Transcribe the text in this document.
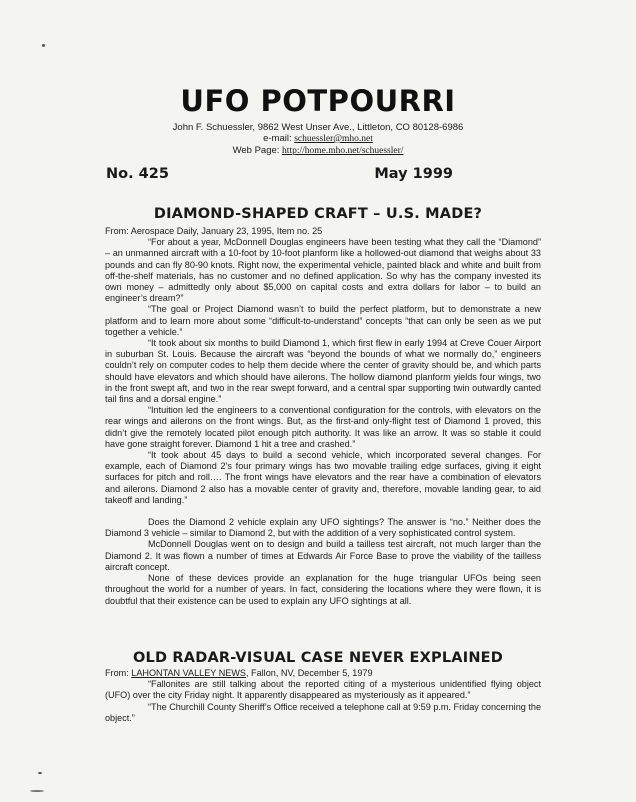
UFO POTPOURRI
John F. Schuessler, 9862 West Unser Ave., Littleton, CO 80128-6986
e-mail: schuessler@mho.net
Web Page: http://home.mho.net/schuessler/
No. 425	May 1999
DIAMOND-SHAPED CRAFT – U.S. MADE?

From: Aerospace Daily, January 23, 1995, Item no. 25

“For about a year, McDonnell Douglas engineers have been testing what they call the “Diamond” – an unmanned aircraft with a 10-foot by 10-foot planform like a hollowed-out diamond that weighs about 33 pounds and can fly 80-90 knots. Right now, the experimental vehicle, painted black and white and built from off-the-shelf materials, has no customer and no defined application. So why has the company invested its own money – admittedly only about $5,000 on capital costs and extra dollars for labor – to build an engineer’s dream?”

“The goal or Project Diamond wasn’t to build the perfect platform, but to demonstrate a new platform and to learn more about some “difficult-to-understand” concepts “that can only be seen as we put together a vehicle.”

“It took about six months to build Diamond 1, which first flew in early 1994 at Creve Couer Airport in suburban St. Louis. Because the aircraft was “beyond the bounds of what we normally do,” engineers couldn’t rely on computer codes to help them decide where the center of gravity should be, and which parts should have elevators and which should have ailerons. The hollow diamond planform yields four wings, two in the front swept aft, and two in the rear swept forward, and a central spar supporting twin outwardly canted tail fins and a dorsal engine.”

“Intuition led the engineers to a conventional configuration for the controls, with elevators on the rear wings and ailerons on the front wings. But, as the first-and only-flight test of Diamond 1 proved, this didn’t give the remotely located pilot enough pitch authority. It was like an arrow. It was so stable it could have gone straight forever. Diamond 1 hit a tree and crashed.”

“It took about 45 days to build a second vehicle, which incorporated several changes. For example, each of Diamond 2’s four primary wings has two movable trailing edge surfaces, giving it eight surfaces for pitch and roll…. The front wings have elevators and the rear have a combination of elevators and ailerons. Diamond 2 also has a movable center of gravity and, therefore, movable landing gear, to aid takeoff and landing.”

Does the Diamond 2 vehicle explain any UFO sightings? The answer is “no.” Neither does the Diamond 3 vehicle – similar to Diamond 2, but with the addition of a very sophisticated control system.

McDonnell Douglas went on to design and build a tailless test aircraft, not much larger than the Diamond 2. It was flown a number of times at Edwards Air Force Base to prove the viability of the tailless aircraft concept.

None of these devices provide an explanation for the huge triangular UFOs being seen throughout the world for a number of years. In fact, considering the locations where they were flown, it is doubtful that their existence can be used to explain any UFO sightings at all.

OLD RADAR-VISUAL CASE NEVER EXPLAINED

From: LAHONTAN VALLEY NEWS, Fallon, NV, December 5, 1979

“Fallonites are still talking about the reported citing of a mysterious unidentified flying object (UFO) over the city Friday night. It apparently disappeared as mysteriously as it appeared.”

“The Churchill County Sheriff’s Office received a telephone call at 9:59 p.m. Friday concerning the object.”
